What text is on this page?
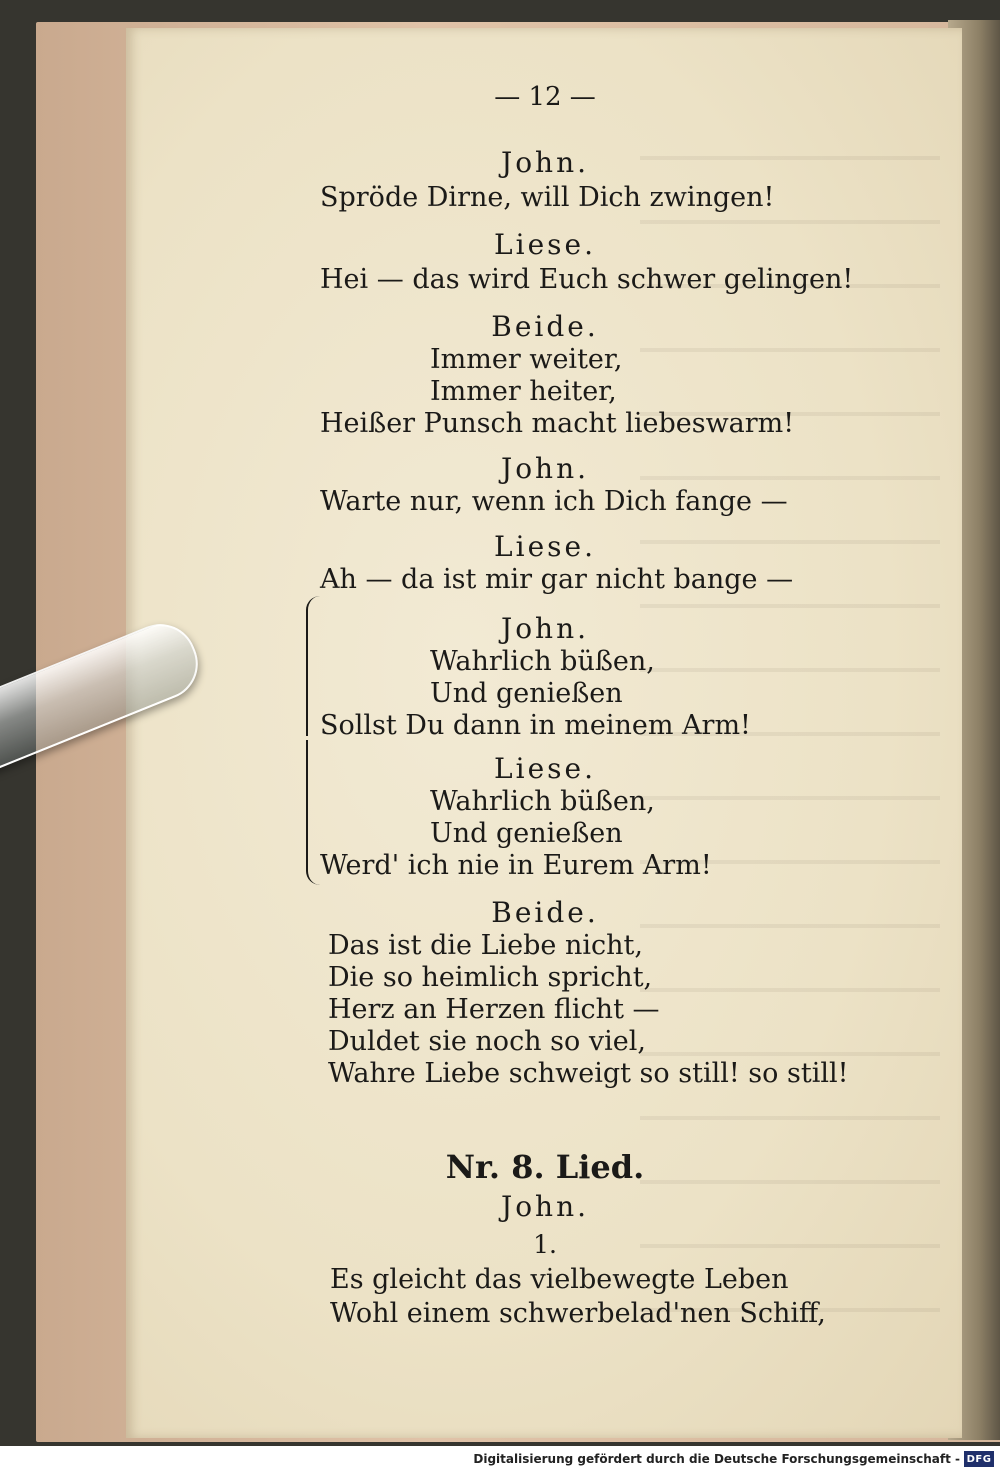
— 12 —
John.
Spröde Dirne, will Dich zwingen!
Liese.
Hei — das wird Euch schwer gelingen!
Beide.
Immer weiter,
Immer heiter,
Heißer Punsch macht liebeswarm!
John.
Warte nur, wenn ich Dich fange —
Liese.
Ah — da ist mir gar nicht bange —
John.
Wahrlich büßen,
Und genießen
Sollst Du dann in meinem Arm!
Liese.
Wahrlich büßen,
Und genießen
Werd' ich nie in Eurem Arm!
Beide.
Das ist die Liebe nicht,
Die so heimlich spricht,
Herz an Herzen flicht —
Duldet sie noch so viel,
Wahre Liebe schweigt so still! so still!
Nr. 8. Lied.
John.
1.
Es gleicht das vielbewegte Leben
Wohl einem schwerbelad'nen Schiff,
Digitalisierung gefördert durch die Deutsche Forschungsgemeinschaft - DFG
